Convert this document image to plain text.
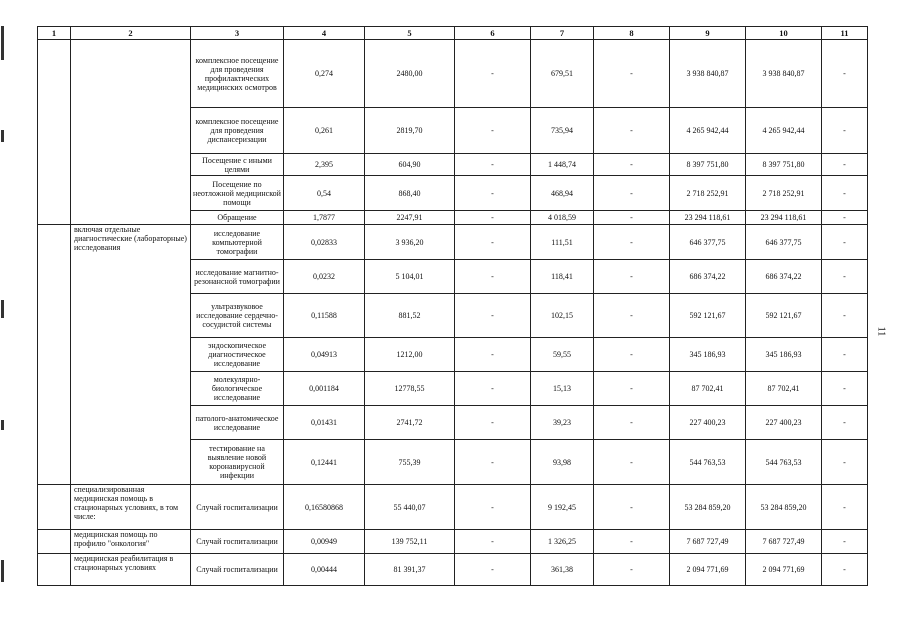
1	2	3	4	5	6	7	8	9	10	11
		комплексное посещение для проведения профилактических медицинских осмотров	0,274	2480,00	-	679,51	-	3 938 840,87	3 938 840,87	-
		комплексное посещение для проведения диспансеризации	0,261	2819,70	-	735,94	-	4 265 942,44	4 265 942,44	-
		Посещение с иными целями	2,395	604,90	-	1 448,74	-	8 397 751,80	8 397 751,80	-
		Посещение по неотложной медицинской помощи	0,54	868,40	-	468,94	-	2 718 252,91	2 718 252,91	-
		Обращение	1,7877	2247,91	-	4 018,59	-	23 294 118,61	23 294 118,61	-
	включая отдельные диагностические (лабораторные) исследования	исследование компьютерной томографии	0,02833	3 936,20	-	111,51	-	646 377,75	646 377,75	-
		исследование магнитно-резонансной томографии	0,0232	5 104,01	-	118,41	-	686 374,22	686 374,22	-
		ультразвуковое исследование сердечно-сосудистой системы	0,11588	881,52	-	102,15	-	592 121,67	592 121,67	-
		эндоскопическое диагностическое исследование	0,04913	1212,00	-	59,55	-	345 186,93	345 186,93	-
		молекулярно-биологическое исследование	0,001184	12778,55	-	15,13	-	87 702,41	87 702,41	-
		патолого-анатомическое исследование	0,01431	2741,72	-	39,23	-	227 400,23	227 400,23	-
		тестирование на выявление новой коронавирусной инфекции	0,12441	755,39	-	93,98	-	544 763,53	544 763,53	-
	специализированная медицинская помощь в стационарных условиях, в том числе:	Случай госпитализации	0,16580868	55 440,07	-	9 192,45	-	53 284 859,20	53 284 859,20	-
	медицинская помощь по профилю "онкология"	Случай госпитализации	0,00949	139 752,11	-	1 326,25	-	7 687 727,49	7 687 727,49	-
	медицинская реабилитация в стационарных условиях	Случай госпитализации	0,00444	81 391,37	-	361,38	-	2 094 771,69	2 094 771,69	-
11
